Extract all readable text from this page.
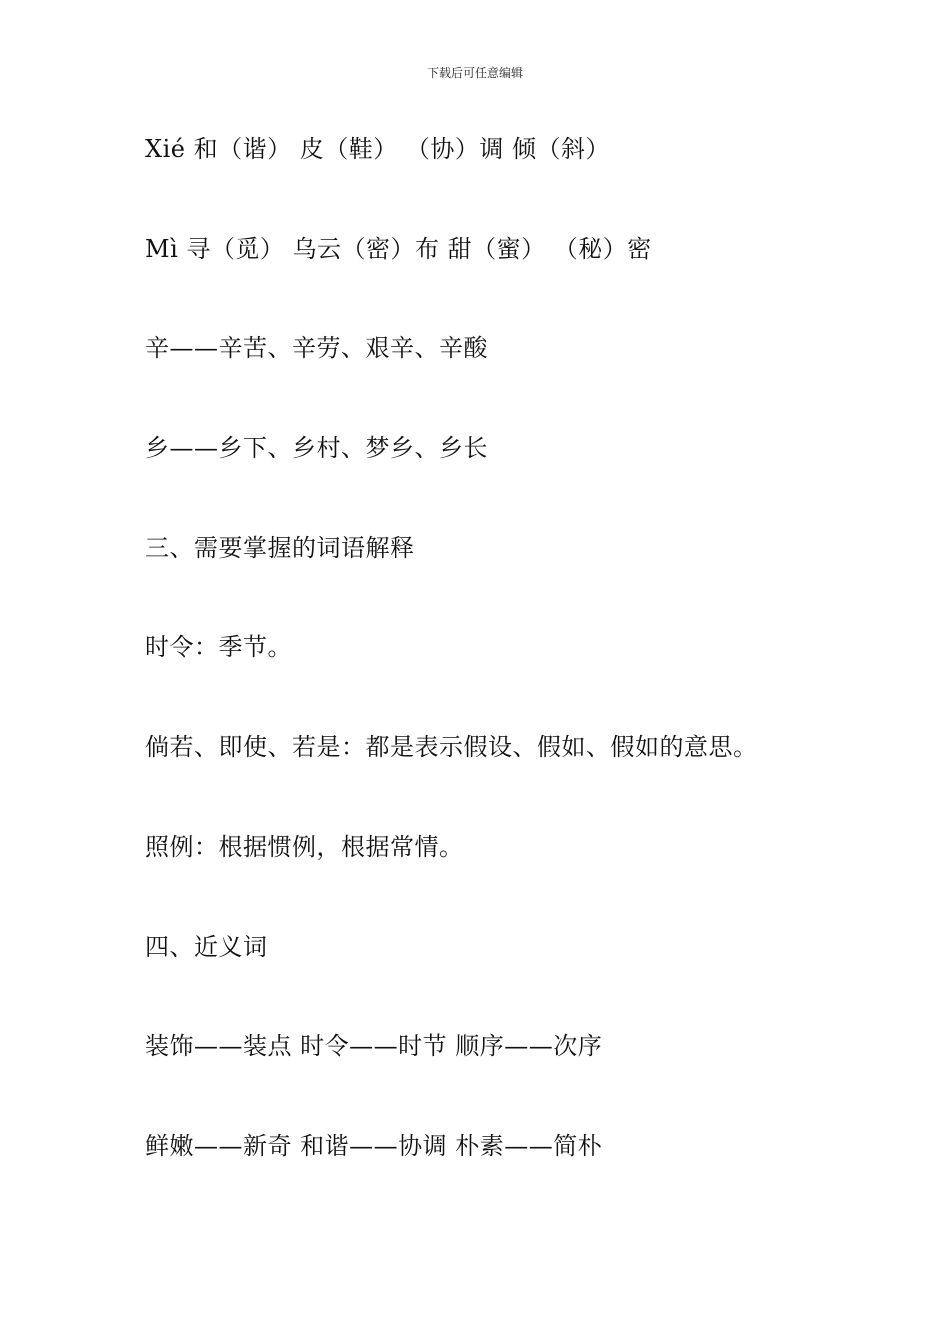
下载后可任意编辑
Xié 和（谐） 皮（鞋） （协）调 倾（斜）
Mì 寻（觅） 乌云（密）布 甜（蜜） （秘）密
辛——辛苦、辛劳、艰辛、辛酸
乡——乡下、乡村、梦乡、乡长
三、需要掌握的词语解释
时令：季节。
倘若、即使、若是：都是表示假设、假如、假如的意思。
照例：根据惯例，根据常情。
四、近义词
装饰——装点 时令——时节 顺序——次序
鲜嫩——新奇 和谐——协调 朴素——简朴
